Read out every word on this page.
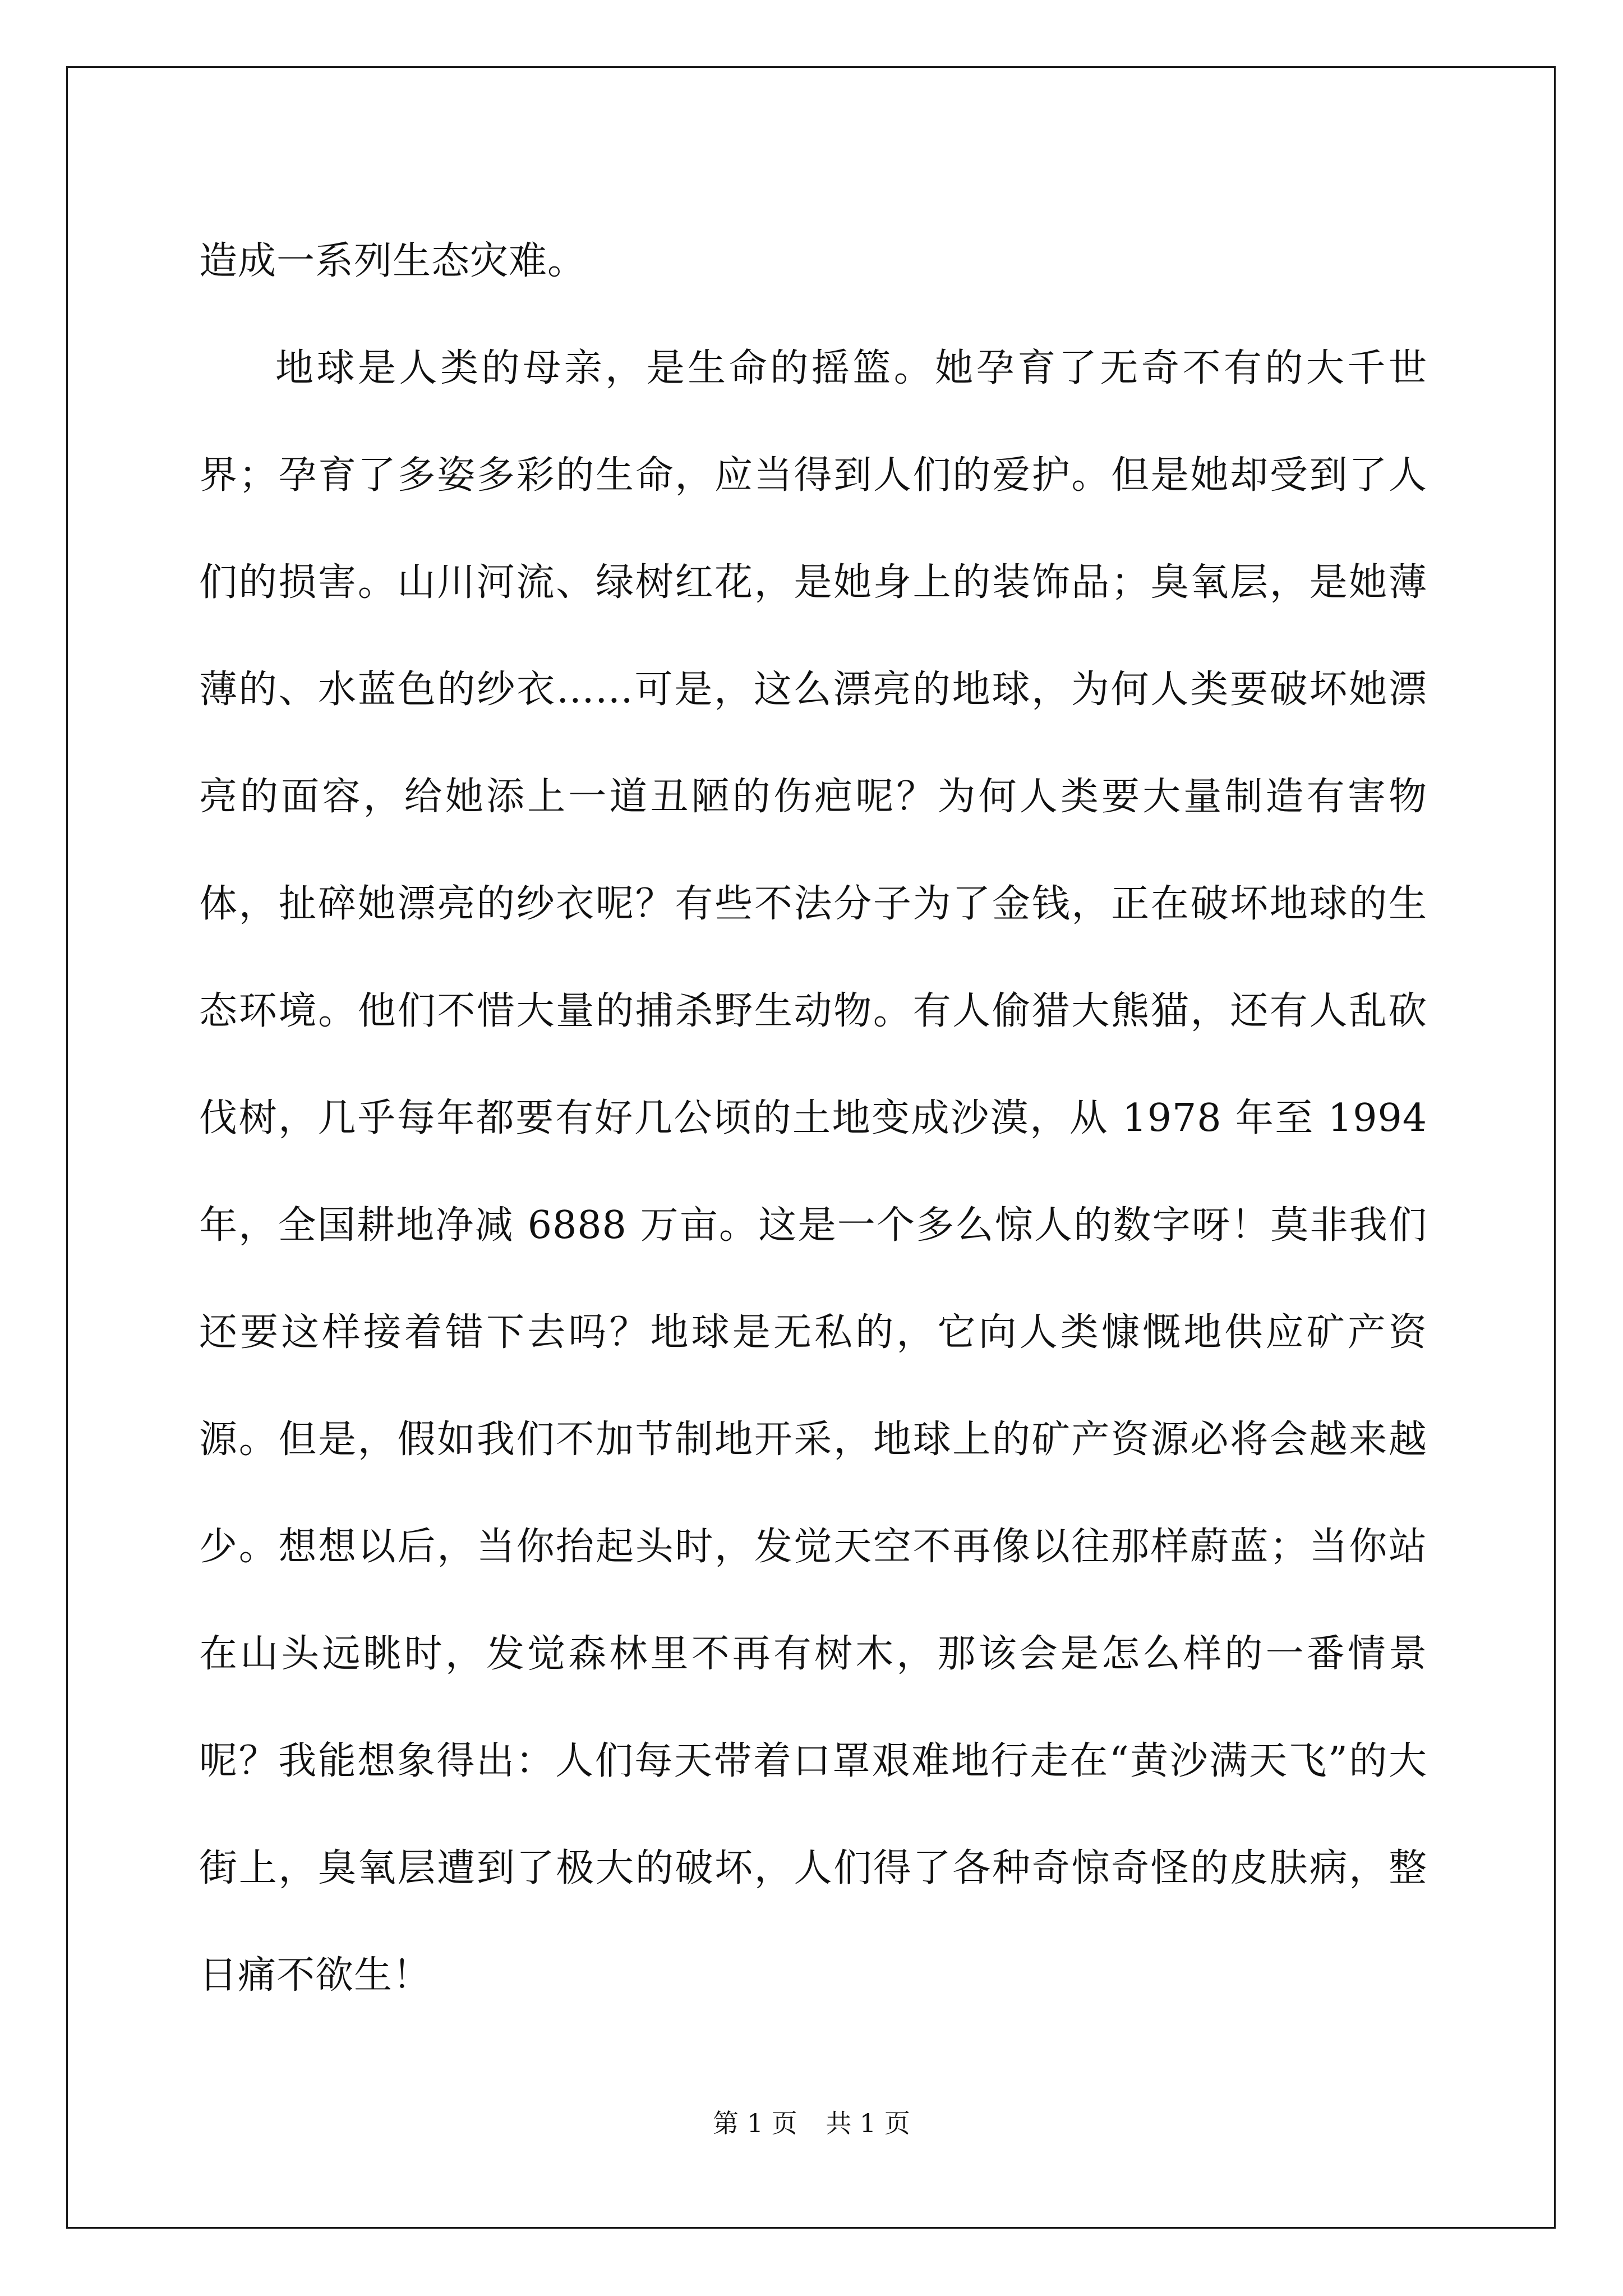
造成一系列生态灾难。

地球是人类的母亲，是生命的摇篮。她孕育了无奇不有的大千世界；孕育了多姿多彩的生命，应当得到人们的爱护。但是她却受到了人们的损害。山川河流、绿树红花，是她身上的装饰品；臭氧层，是她薄薄的、水蓝色的纱衣……可是，这么漂亮的地球，为何人类要破坏她漂亮的面容，给她添上一道丑陋的伤疤呢？为何人类要大量制造有害物体，扯碎她漂亮的纱衣呢？有些不法分子为了金钱，正在破坏地球的生态环境。他们不惜大量的捕杀野生动物。有人偷猎大熊猫，还有人乱砍伐树，几乎每年都要有好几公顷的土地变成沙漠，从 1978 年至 1994 年，全国耕地净减 6888 万亩。这是一个多么惊人的数字呀！莫非我们还要这样接着错下去吗？地球是无私的，它向人类慷慨地供应矿产资源。但是，假如我们不加节制地开采，地球上的矿产资源必将会越来越少。想想以后，当你抬起头时，发觉天空不再像以往那样蔚蓝；当你站在山头远眺时，发觉森林里不再有树木，那该会是怎么样的一番情景呢？我能想象得出：人们每天带着口罩艰难地行走在“黄沙满天飞”的大街上，臭氧层遭到了极大的破坏，人们得了各种奇惊奇怪的皮肤病，整日痛不欲生！

第 1 页 共 1 页
